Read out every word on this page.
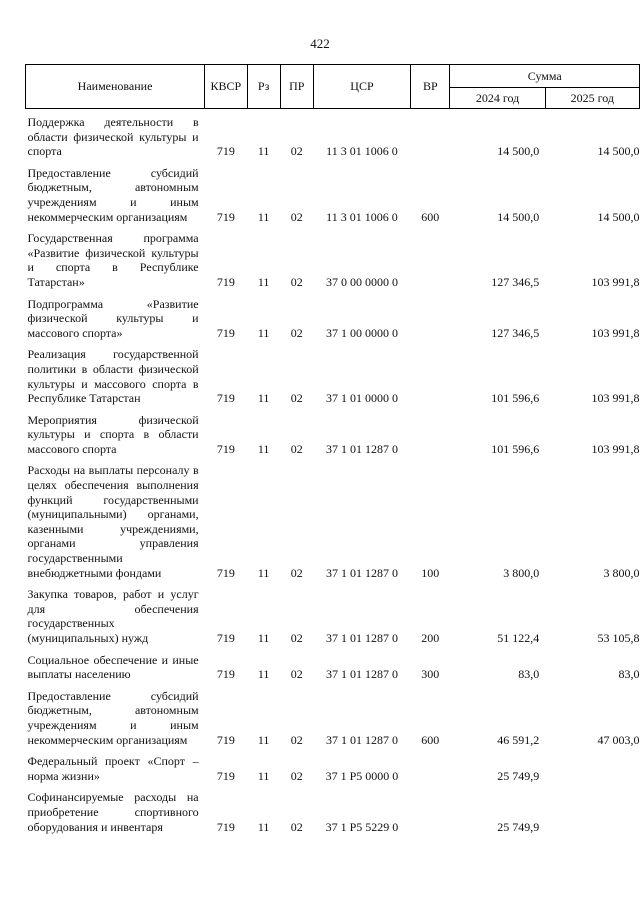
422
Наименование	КВСР	Рз	ПР	ЦСР	ВР	Сумма	
						2024 год	2025 год
Поддержка деятельности в области физической культуры и спорта	719	11	02	11 3 01 1006 0		14 500,0	14 500,0
Предоставление субсидий бюджетным, автономным учреждениям и иным некоммерческим организациям	719	11	02	11 3 01 1006 0	600	14 500,0	14 500,0
Государственная программа «Развитие физической культуры и спорта в Республике Татарстан»	719	11	02	37 0 00 0000 0		127 346,5	103 991,8
Подпрограмма «Развитие физической культуры и массового спорта»	719	11	02	37 1 00 0000 0		127 346,5	103 991,8
Реализация государственной политики в области физической культуры и массового спорта в Республике Татарстан	719	11	02	37 1 01 0000 0		101 596,6	103 991,8
Мероприятия физической культуры и спорта в области массового спорта	719	11	02	37 1 01 1287 0		101 596,6	103 991,8
Расходы на выплаты персоналу в целях обеспечения выполнения функций государственными (муниципальными) органами, казенными учреждениями, органами управления государственными внебюджетными фондами	719	11	02	37 1 01 1287 0	100	3 800,0	3 800,0
Закупка товаров, работ и услуг для обеспечения государственных (муниципальных) нужд	719	11	02	37 1 01 1287 0	200	51 122,4	53 105,8
Социальное обеспечение и иные выплаты населению	719	11	02	37 1 01 1287 0	300	83,0	83,0
Предоставление субсидий бюджетным, автономным учреждениям и иным некоммерческим организациям	719	11	02	37 1 01 1287 0	600	46 591,2	47 003,0
Федеральный проект «Спорт – норма жизни»	719	11	02	37 1 P5 0000 0		25 749,9	
Софинансируемые расходы на приобретение спортивного оборудования и инвентаря	719	11	02	37 1 P5 5229 0		25 749,9	
